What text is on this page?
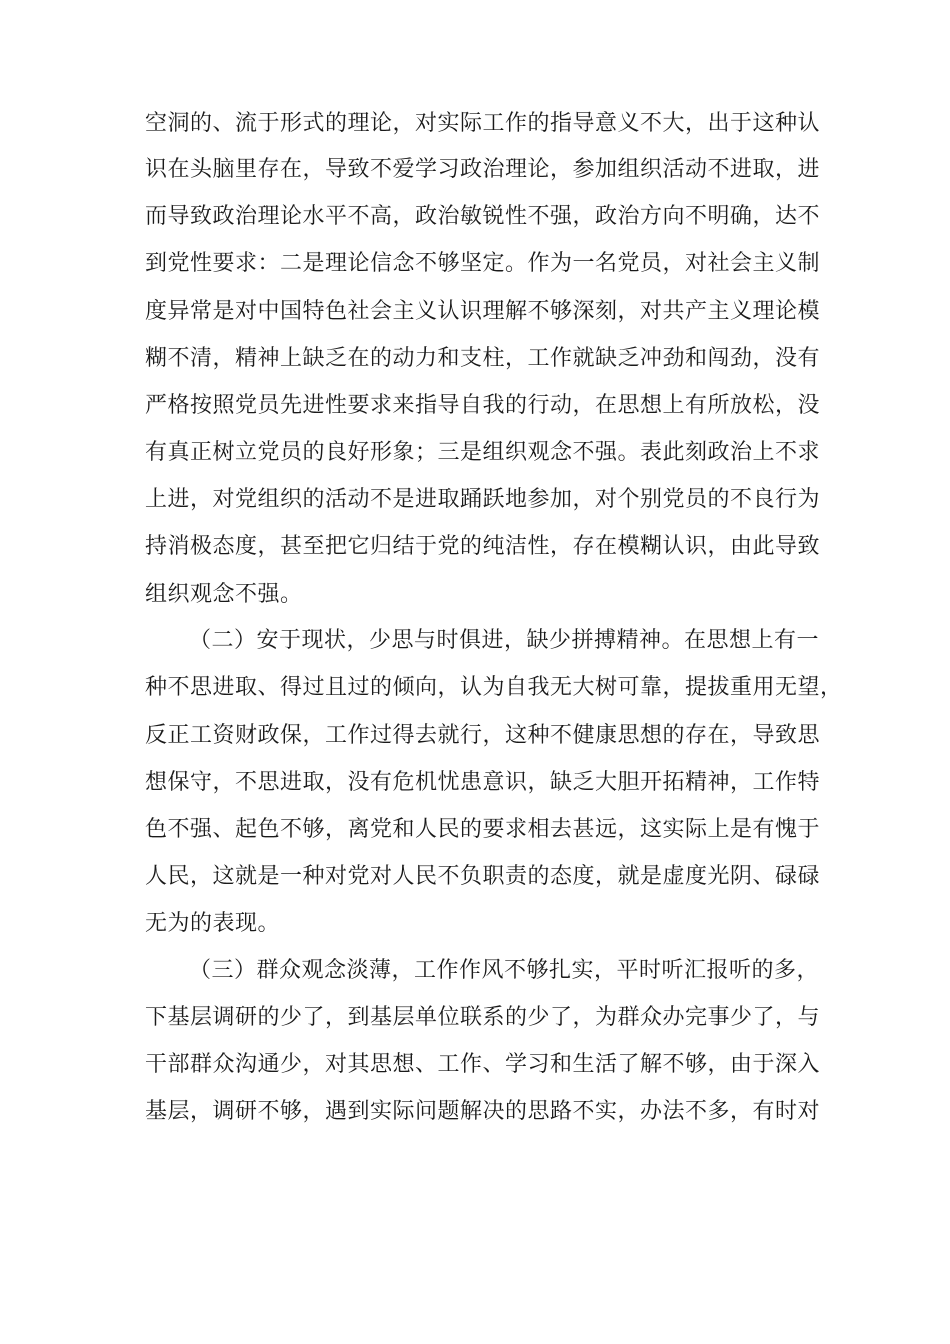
空洞的、流于形式的理论，对实际工作的指导意义不大，出于这种认
识在头脑里存在，导致不爱学习政治理论，参加组织活动不进取，进
而导致政治理论水平不高，政治敏锐性不强，政治方向不明确，达不
到党性要求：二是理论信念不够坚定。作为一名党员，对社会主义制
度异常是对中国特色社会主义认识理解不够深刻，对共产主义理论模
糊不清，精神上缺乏在的动力和支柱，工作就缺乏冲劲和闯劲，没有
严格按照党员先进性要求来指导自我的行动，在思想上有所放松，没
有真正树立党员的良好形象；三是组织观念不强。表此刻政治上不求
上进，对党组织的活动不是进取踊跃地参加，对个别党员的不良行为
持消极态度，甚至把它归结于党的纯洁性，存在模糊认识，由此导致
组织观念不强。
（二）安于现状，少思与时俱进，缺少拼搏精神。在思想上有一
种不思进取、得过且过的倾向，认为自我无大树可靠，提拔重用无望，
反正工资财政保，工作过得去就行，这种不健康思想的存在，导致思
想保守，不思进取，没有危机忧患意识，缺乏大胆开拓精神，工作特
色不强、起色不够，离党和人民的要求相去甚远，这实际上是有愧于
人民，这就是一种对党对人民不负职责的态度，就是虚度光阴、碌碌
无为的表现。
（三）群众观念淡薄，工作作风不够扎实，平时听汇报听的多，
下基层调研的少了，到基层单位联系的少了，为群众办完事少了，与
干部群众沟通少，对其思想、工作、学习和生活了解不够，由于深入
基层，调研不够，遇到实际问题解决的思路不实，办法不多，有时对
